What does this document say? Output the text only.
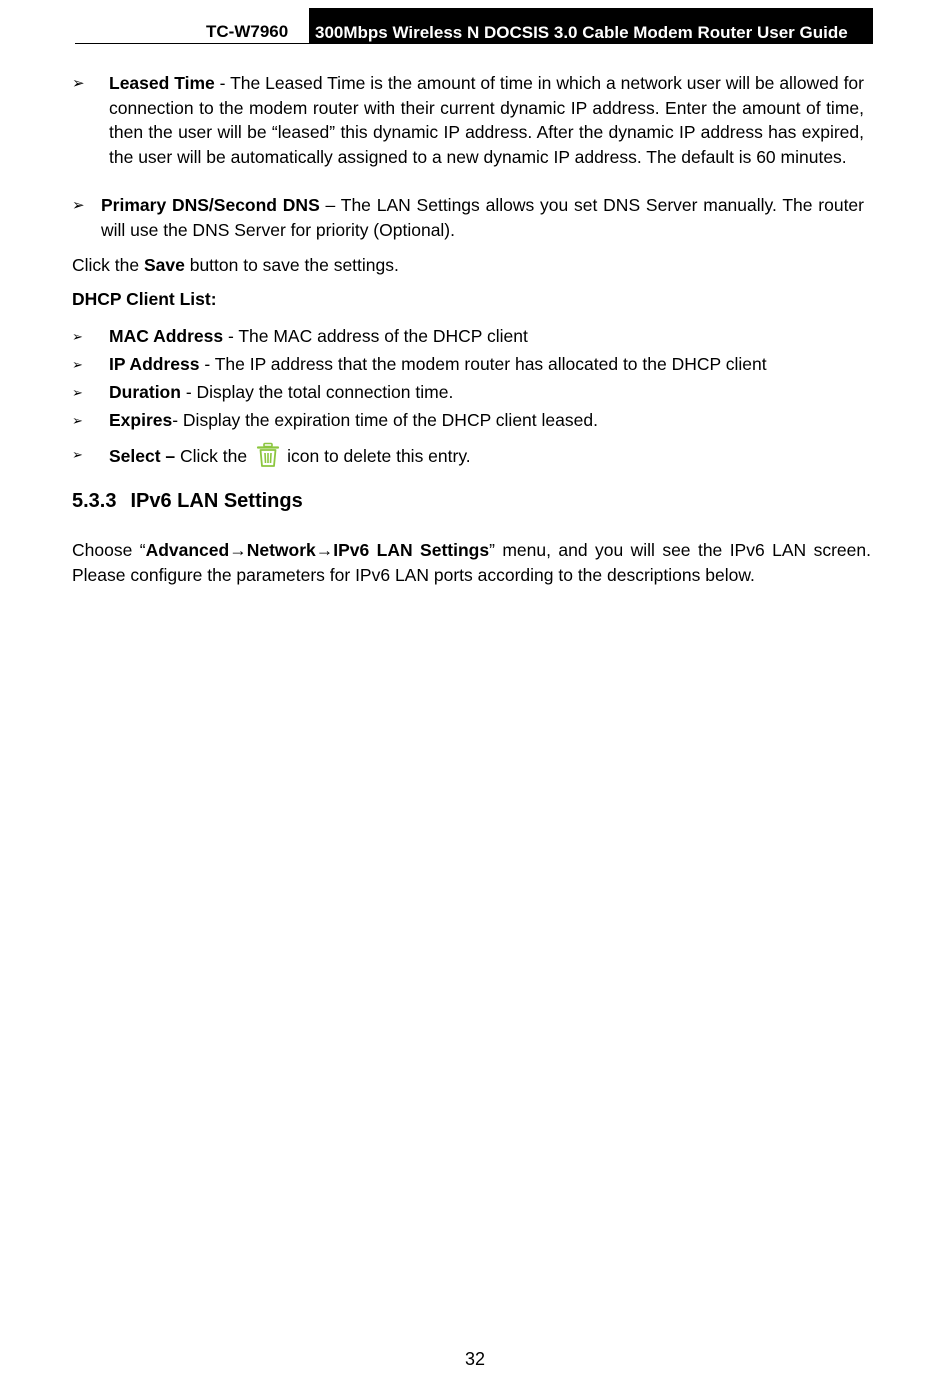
TC-W7960	300Mbps Wireless N DOCSIS 3.0 Cable Modem Router User Guide
➢ Leased Time - The Leased Time is the amount of time in which a network user will be allowed for connection to the modem router with their current dynamic IP address. Enter the amount of time, then the user will be “leased” this dynamic IP address. After the dynamic IP address has expired, the user will be automatically assigned to a new dynamic IP address. The default is 60 minutes.
➢ Primary DNS/Second DNS – The LAN Settings allows you set DNS Server manually. The router will use the DNS Server for priority (Optional).
Click the Save button to save the settings.
DHCP Client List:
➢ MAC Address - The MAC address of the DHCP client
➢ IP Address - The IP address that the modem router has allocated to the DHCP client
➢ Duration - Display the total connection time.
➢ Expires- Display the expiration time of the DHCP client leased.
➢ Select – Click the icon to delete this entry.
5.3.3 IPv6 LAN Settings
Choose “Advanced→Network→IPv6 LAN Settings” menu, and you will see the IPv6 LAN screen. Please configure the parameters for IPv6 LAN ports according to the descriptions below.
32
